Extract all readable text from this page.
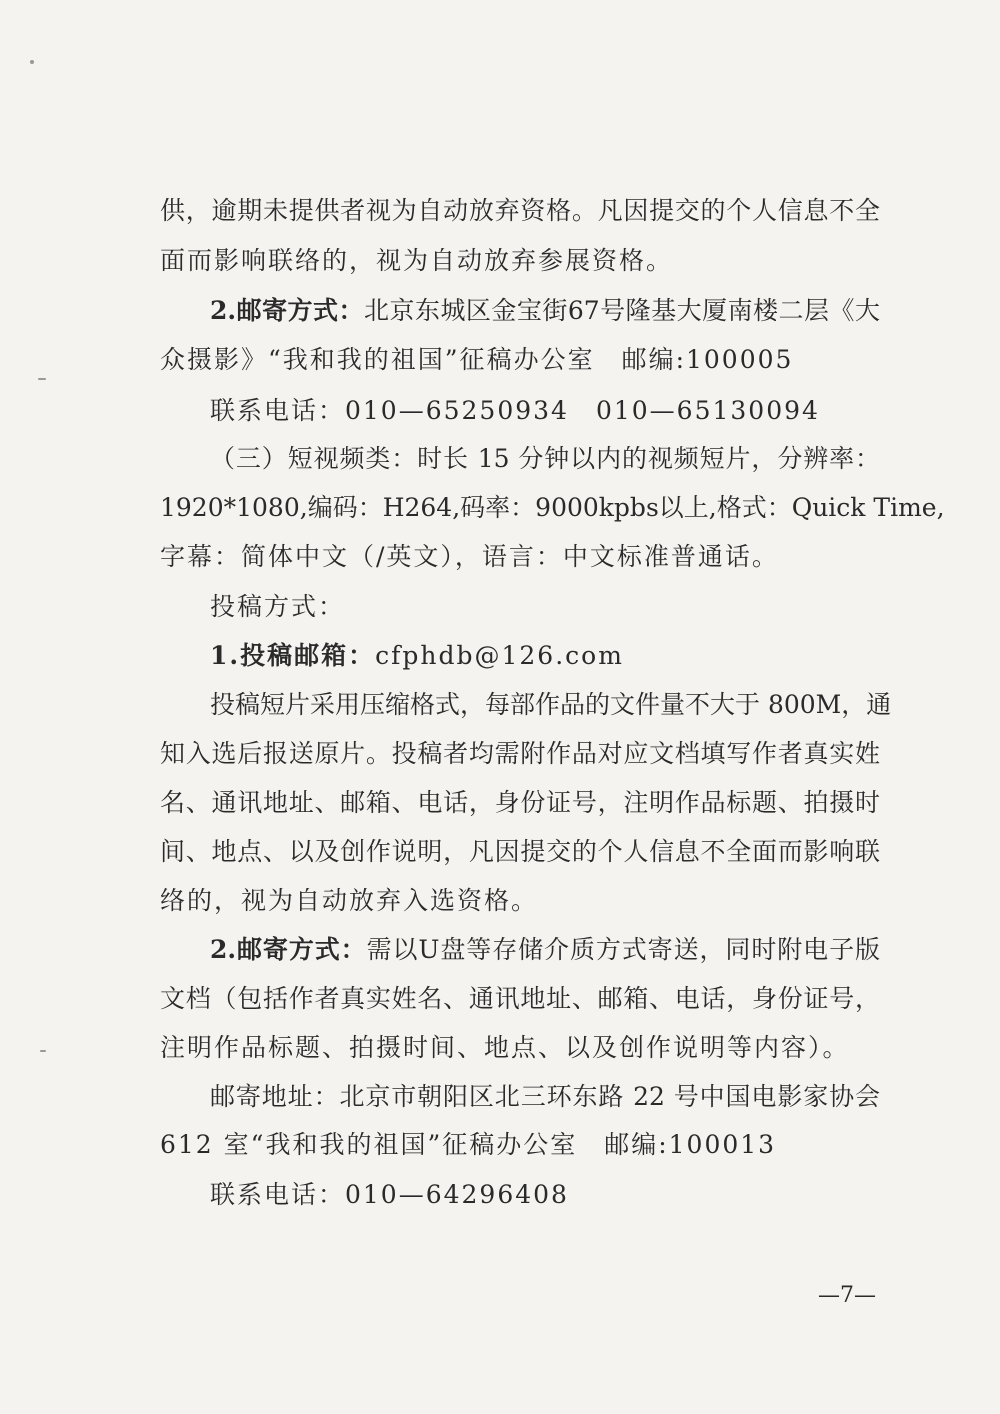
供，逾期未提供者视为自动放弃资格。凡因提交的个人信息不全
面而影响联络的，视为自动放弃参展资格。
2.邮寄方式：北京东城区金宝街67号隆基大厦南楼二层《大
众摄影》“我和我的祖国”征稿办公室　邮编:100005
联系电话：010—65250934　010—65130094
（三）短视频类：时长 15 分钟以内的视频短片，分辨率：
1920*1080,编码：H264,码率：9000kpbs以上,格式：Quick Time,
字幕：简体中文（/英文），语言：中文标准普通话。
投稿方式：
1.投稿邮箱：cfphdb@126.com
投稿短片采用压缩格式，每部作品的文件量不大于 800M，通
知入选后报送原片。投稿者均需附作品对应文档填写作者真实姓
名、通讯地址、邮箱、电话，身份证号，注明作品标题、拍摄时
间、地点、以及创作说明，凡因提交的个人信息不全面而影响联
络的，视为自动放弃入选资格。
2.邮寄方式：需以U盘等存储介质方式寄送，同时附电子版
文档（包括作者真实姓名、通讯地址、邮箱、电话，身份证号，
注明作品标题、拍摄时间、地点、以及创作说明等内容）。
邮寄地址：北京市朝阳区北三环东路 22 号中国电影家协会
612 室“我和我的祖国”征稿办公室　邮编:100013
联系电话：010—64296408
—7—
